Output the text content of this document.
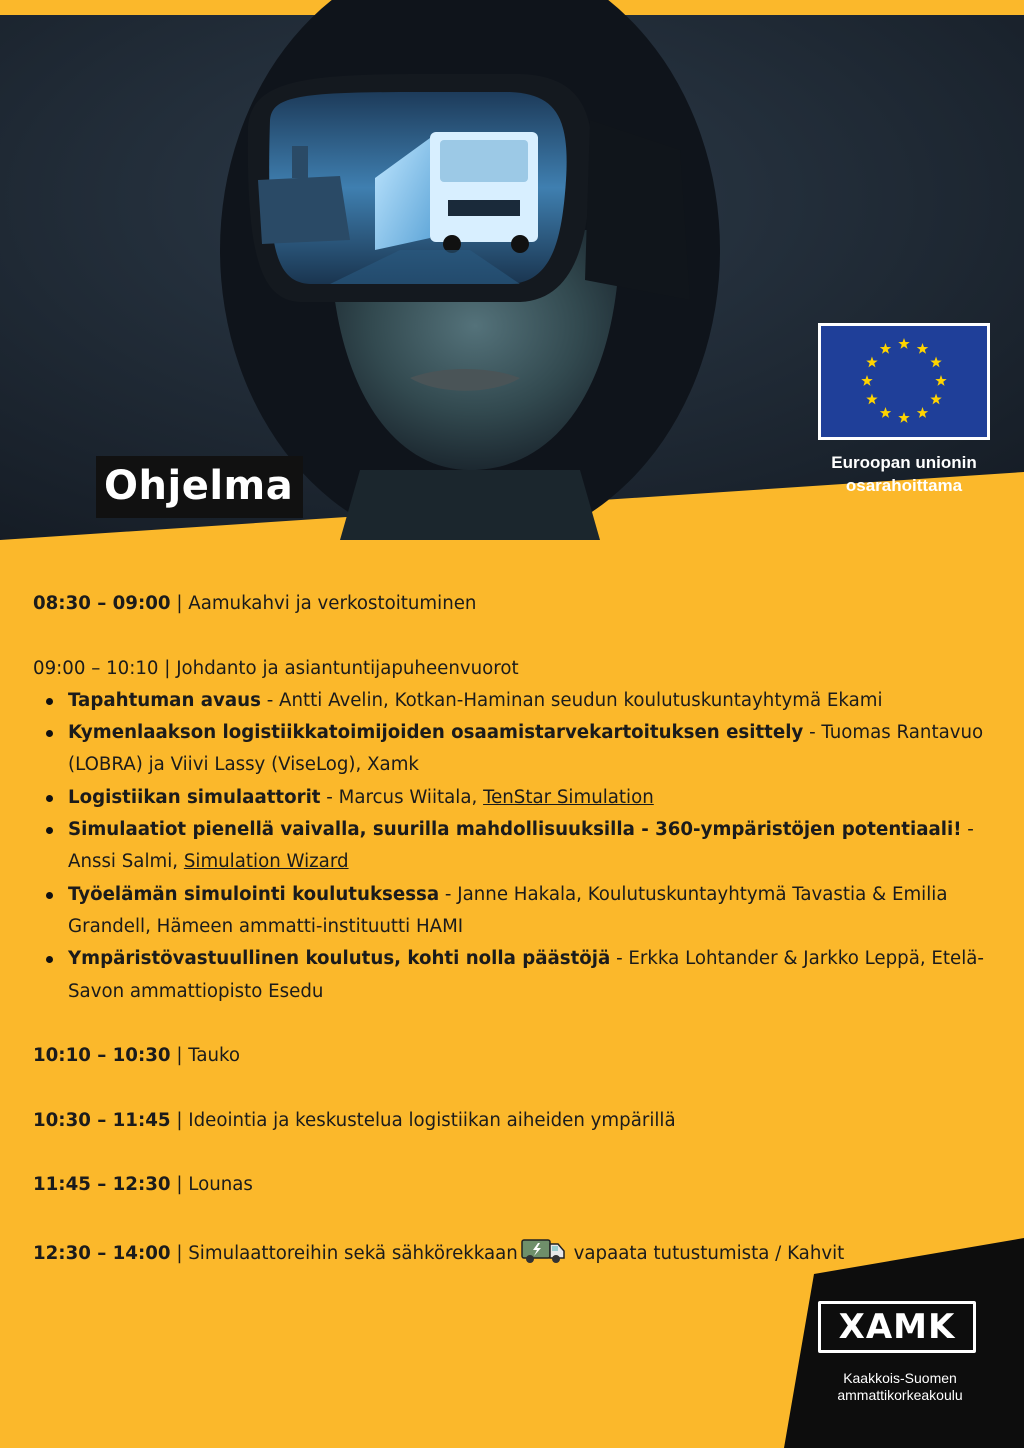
Ohjelma
Euroopan unionin
osarahoittama
08:30 – 09:00 | Aamukahvi ja verkostoituminen
09:00 – 10:10 | Johdanto ja asiantuntijapuheenvuorot
Tapahtuman avaus - Antti Avelin, Kotkan-Haminan seudun koulutuskuntayhtymä Ekami
Kymenlaakson logistiikkatoimijoiden osaamistarvekartoituksen esittely - Tuomas Rantavuo (LOBRA) ja Viivi Lassy (ViseLog), Xamk
Logistiikan simulaattorit - Marcus Wiitala, TenStar Simulation
Simulaatiot pienellä vaivalla, suurilla mahdollisuuksilla - 360-ympäristöjen potentiaali! - Anssi Salmi, Simulation Wizard
Työelämän simulointi koulutuksessa - Janne Hakala, Koulutuskuntayhtymä Tavastia & Emilia Grandell, Hämeen ammatti-instituutti HAMI
Ympäristövastuullinen koulutus, kohti nolla päästöjä - Erkka Lohtander & Jarkko Leppä, Etelä-Savon ammattiopisto Esedu
10:10 – 10:30 | Tauko
10:30 – 11:45 | Ideointia ja keskustelua logistiikan aiheiden ympärillä
11:45 – 12:30 | Lounas
12:30 – 14:00 | Simulaattoreihin sekä sähkörekkaan	vapaata tutustumista / Kahvit
XAMK
Kaakkois-Suomen
ammattikorkeakoulu
